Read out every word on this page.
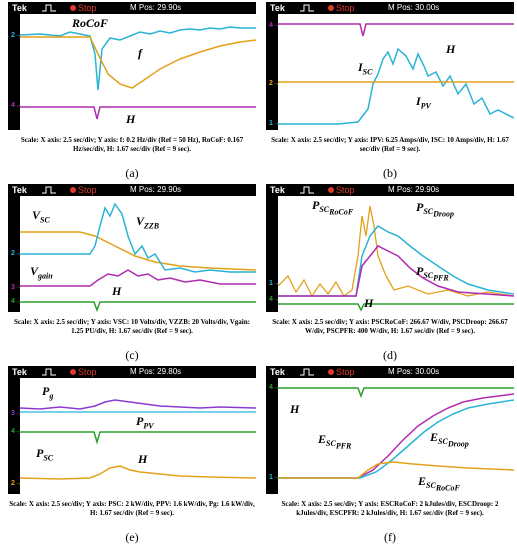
Tek	Stop	M Pos: 29.90s
2→
4→
RoCoF
f
H
Scale: X axis: 2.5 sec/div; Y axis: f: 0.2 Hz/div (Ref = 50 Hz), RoCoF: 0.167 Hz/sec/div, H: 1.67 sec/div (Ref = 9 sec).
(a)
Tek	Stop	M Pos: 30.00s
4→
2→
1→
H
$I_{SC}$
$I_{PV}$
Scale: X axis: 2.5 sec/div; Y axis: IPV: 6.25 Amps/div, ISC: 10 Amps/div, H: 1.67 sec/div (Ref = 9 sec).
(b)
Tek	Stop	M Pos: 29.90s
2→
3→
4→
$V_{SC}$	$V_{ZZB}$
$V_{gain}$
H
Scale: X axis: 2.5 sec/div; Y axis: VSC: 10 Volts/div, VZZB: 20 Volts/div, Vgain: 1.25 PU/div, H: 1.67 sec/div (Ref = 9 sec).
(c)
Tek	Stop	M Pos: 29.90s
1→
4→
$P_{SC_{RoCoF}}$	$P_{SC_{Droop}}$
$P_{SC_{PFR}}$
H
Scale: X axis: 2.5 sec/div; Y axis: PSCRoCoF: 266.67 W/div, PSCDroop: 266.67 W/div, PSCPFR: 400 W/div, H: 1.67 sec/div (Ref = 9 sec).
(d)
Tek	Stop	M Pos: 29.80s
3→
4→
2→
$P_g$
$P_{PV}$
$P_{SC}$	H
Scale: X axis: 2.5 sec/div; Y axis: PSC: 2 kW/div, PPV: 1.6 kW/div, Pg: 1.6 kW/div, H: 1.67 sec/div (Ref = 9 sec).
(e)
Tek	Stop	M Pos: 30.00s
4→
1→
H
$E_{SC_{PFR}}$
$E_{SC_{Droop}}$
$E_{SC_{RoCoF}}$
Scale: X axis: 2.5 sec/div; Y axis: ESCRoCoF: 2 kJules/div, ESCDroop: 2 kJules/div, ESCPFR: 2 kJules/div, H: 1.67 sec/div (Ref = 9 sec).
(f)
